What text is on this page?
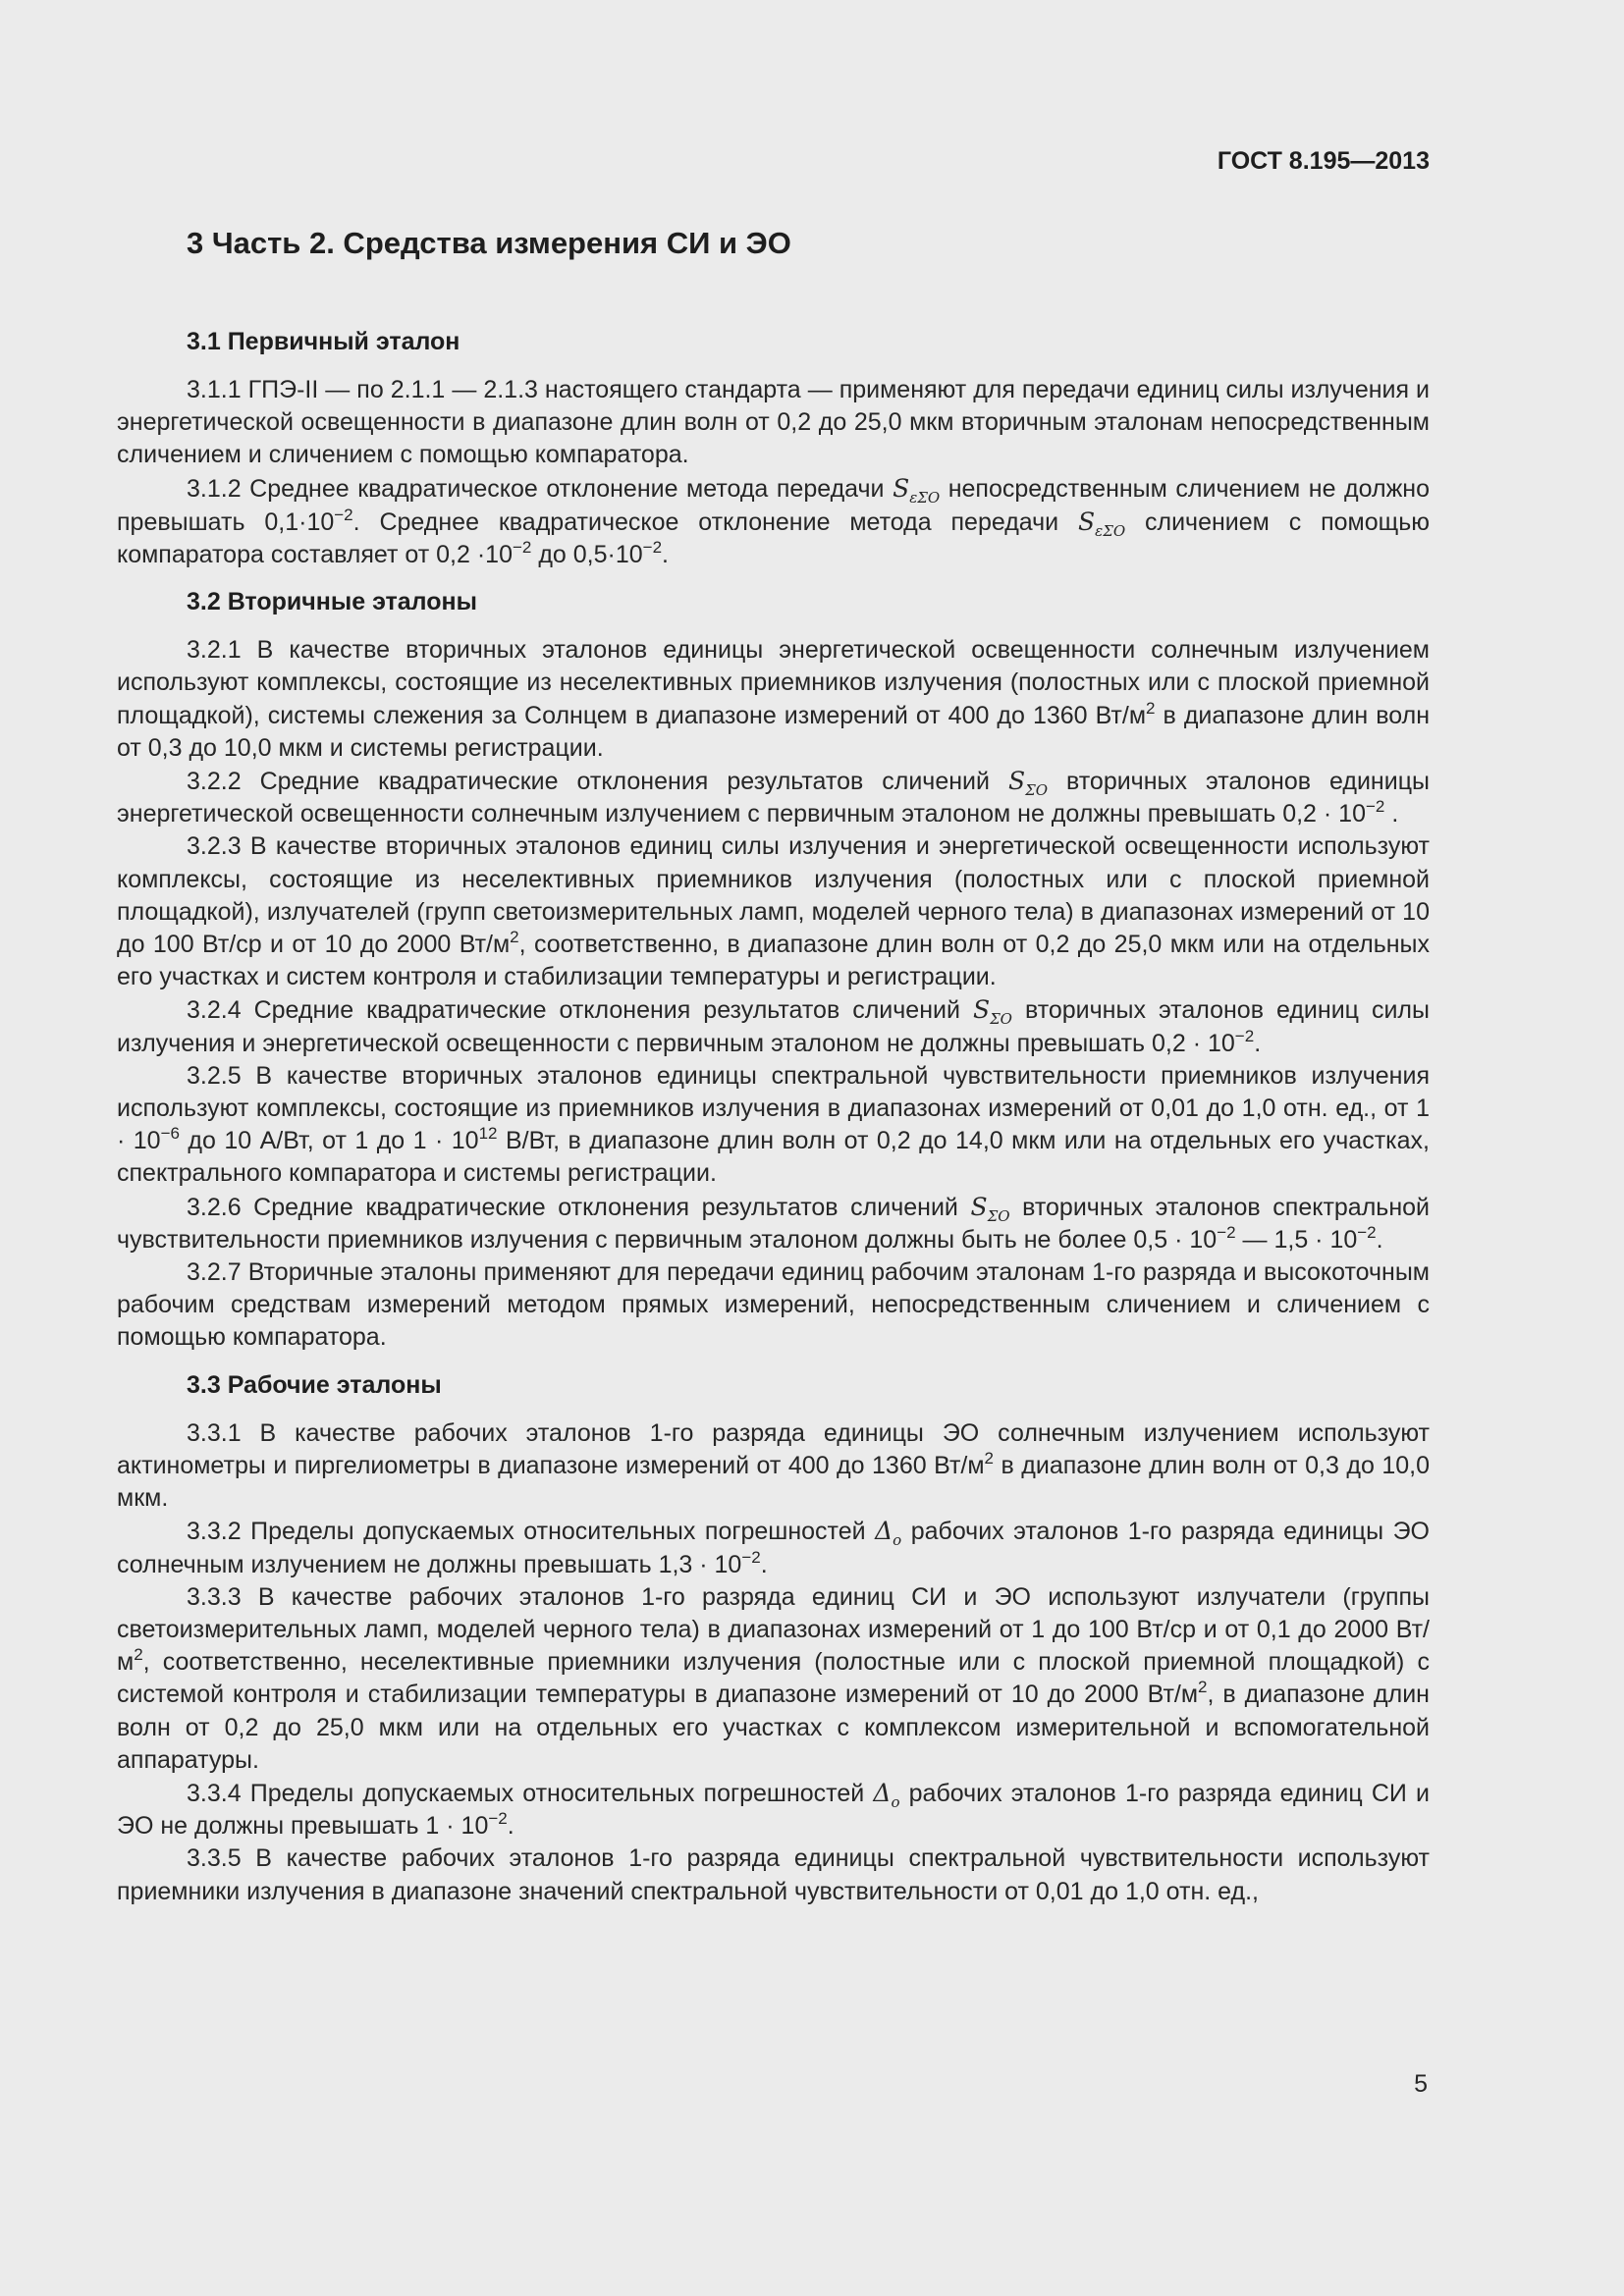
ГОСТ 8.195—2013
3 Часть 2. Средства измерения СИ и ЭО
3.1 Первичный эталон

3.1.1 ГПЭ-II — по 2.1.1 — 2.1.3 настоящего стандарта — применяют для передачи единиц силы излучения и энергетической освещенности в диапазоне длин волн от 0,2 до 25,0 мкм вторичным эталонам непосредственным сличением и сличением с помощью компаратора.

3.1.2 Среднее квадратическое отклонение метода передачи $S_{\varepsilon\Sigma О}$ непосредственным сличением не должно превышать $0,1\cdot 10^{-2}$. Среднее квадратическое отклонение метода передачи $S_{\varepsilon\Sigma О}$ сличением с помощью компаратора составляет от $0,2 \cdot 10^{-2}$ до $0,5\cdot 10^{-2}$.

3.2 Вторичные эталоны

3.2.1 В качестве вторичных эталонов единицы энергетической освещенности солнечным излучением используют комплексы, состоящие из неселективных приемников излучения (полостных или с плоской приемной площадкой), системы слежения за Солнцем в диапазоне измерений от 400 до 1360 $Вт/м^2$ в диапазоне длин волн от 0,3 до 10,0 мкм и системы регистрации.

3.2.2 Средние квадратические отклонения результатов сличений $S_{\Sigma О}$ вторичных эталонов единицы энергетической освещенности солнечным излучением с первичным эталоном не должны превышать $0,2 \cdot 10^{-2}$ .

3.2.3 В качестве вторичных эталонов единиц силы излучения и энергетической освещенности используют комплексы, состоящие из неселективных приемников излучения (полостных или с плоской приемной площадкой), излучателей (групп светоизмерительных ламп, моделей черного тела) в диапазонах измерений от 10 до 100 Вт/ср и от 10 до 2000 $Вт/м^2$, соответственно, в диапазоне длин волн от 0,2 до 25,0 мкм или на отдельных его участках и систем контроля и стабилизации температуры и регистрации.

3.2.4 Средние квадратические отклонения результатов сличений $S_{\Sigma О}$ вторичных эталонов единиц силы излучения и энергетической освещенности с первичным эталоном не должны превышать $0,2 \cdot 10^{-2}$.

3.2.5 В качестве вторичных эталонов единицы спектральной чувствительности приемников излучения используют комплексы, состоящие из приемников излучения в диапазонах измерений от 0,01 до 1,0 отн. ед., от $1 \cdot 10^{-6}$ до 10 А/Вт, от 1 до $1 \cdot 10^{12}$ В/Вт, в диапазоне длин волн от 0,2 до 14,0 мкм или на отдельных его участках, спектрального компаратора и системы регистрации.

3.2.6 Средние квадратические отклонения результатов сличений $S_{\Sigma О}$ вторичных эталонов спектральной чувствительности приемников излучения с первичным эталоном должны быть не более $0,5 \cdot 10^{-2}$ — $1,5 \cdot 10^{-2}$.

3.2.7 Вторичные эталоны применяют для передачи единиц рабочим эталонам 1-го разряда и высокоточным рабочим средствам измерений методом прямых измерений, непосредственным сличением и сличением с помощью компаратора.

3.3 Рабочие эталоны

3.3.1 В качестве рабочих эталонов 1-го разряда единицы ЭО солнечным излучением используют актинометры и пиргелиометры в диапазоне измерений от 400 до 1360 $Вт/м^2$ в диапазоне длин волн от 0,3 до 10,0 мкм.

3.3.2 Пределы допускаемых относительных погрешностей $\Delta_о$ рабочих эталонов 1-го разряда единицы ЭО солнечным излучением не должны превышать $1,3 \cdot 10^{-2}$.

3.3.3 В качестве рабочих эталонов 1-го разряда единиц СИ и ЭО используют излучатели (группы светоизмерительных ламп, моделей черного тела) в диапазонах измерений от 1 до 100 Вт/ср и от 0,1 до 2000 $Вт/м^2$, соответственно, неселективные приемники излучения (полостные или с плоской приемной площадкой) с системой контроля и стабилизации температуры в диапазоне измерений от 10 до 2000 $Вт/м^2$, в диапазоне длин волн от 0,2 до 25,0 мкм или на отдельных его участках с комплексом измерительной и вспомогательной аппаратуры.

3.3.4 Пределы допускаемых относительных погрешностей $\Delta_о$ рабочих эталонов 1-го разряда единиц СИ и ЭО не должны превышать $1 \cdot 10^{-2}$.

3.3.5 В качестве рабочих эталонов 1-го разряда единицы спектральной чувствительности используют приемники излучения в диапазоне значений спектральной чувствительности от 0,01 до 1,0 отн. ед.,

5
